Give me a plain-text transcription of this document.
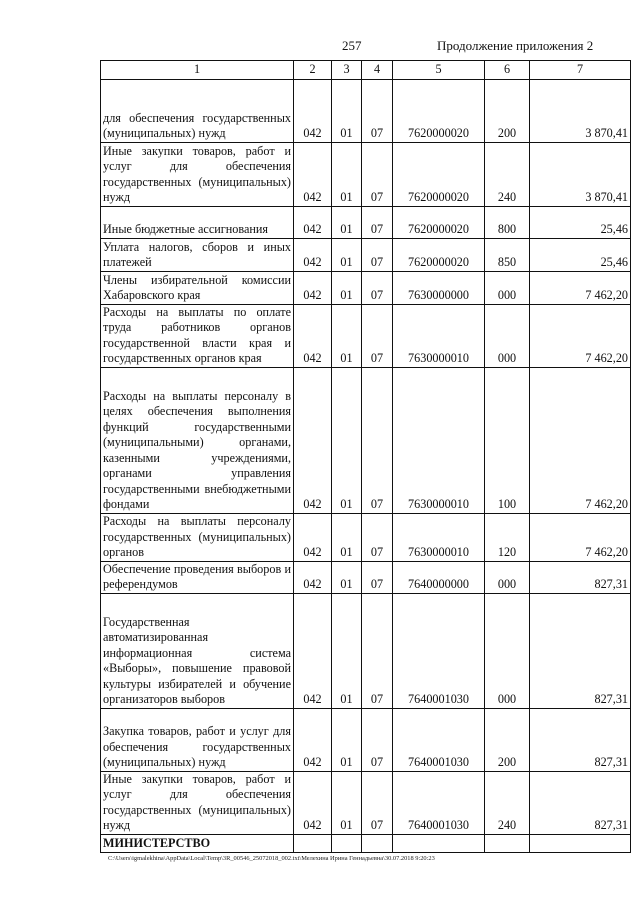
257	Продолжение приложения 2
1	2	3	4	5	6	7
для обеспечения государственных (муниципальных) нужд	042	01	07	7620000020	200	3 870,41
Иные закупки товаров, работ и услуг для обеспечения государственных (муниципальных) нужд	042	01	07	7620000020	240	3 870,41
Иные бюджетные ассигнования	042	01	07	7620000020	800	25,46
Уплата налогов, сборов и иных платежей	042	01	07	7620000020	850	25,46
Члены избирательной комиссии Хабаровского края	042	01	07	7630000000	000	7 462,20
Расходы на выплаты по оплате труда работников органов государственной власти края и государственных органов края	042	01	07	7630000010	000	7 462,20
Расходы на выплаты персоналу в целях обеспечения выполнения функций государственными (муниципальными) органами, казенными учреждениями, органами управления государственными внебюджетными фондами	042	01	07	7630000010	100	7 462,20
Расходы на выплаты персоналу государственных (муниципальных) органов	042	01	07	7630000010	120	7 462,20
Обеспечение проведения выборов и референдумов	042	01	07	7640000000	000	827,31
Государственная автоматизированная информационная система «Выборы», повышение правовой культуры избирателей и обучение организаторов выборов	042	01	07	7640001030	000	827,31
Закупка товаров, работ и услуг для обеспечения государственных (муниципальных) нужд	042	01	07	7640001030	200	827,31
Иные закупки товаров, работ и услуг для обеспечения государственных (муниципальных) нужд	042	01	07	7640001030	240	827,31
МИНИСТЕРСТВО						
C:\Users\igmalekhina\AppData\Local\Temp\3R_00546_25072018_002.txt\Мелехина Ирина Геннадьевна\30.07.2018 9:20:23
